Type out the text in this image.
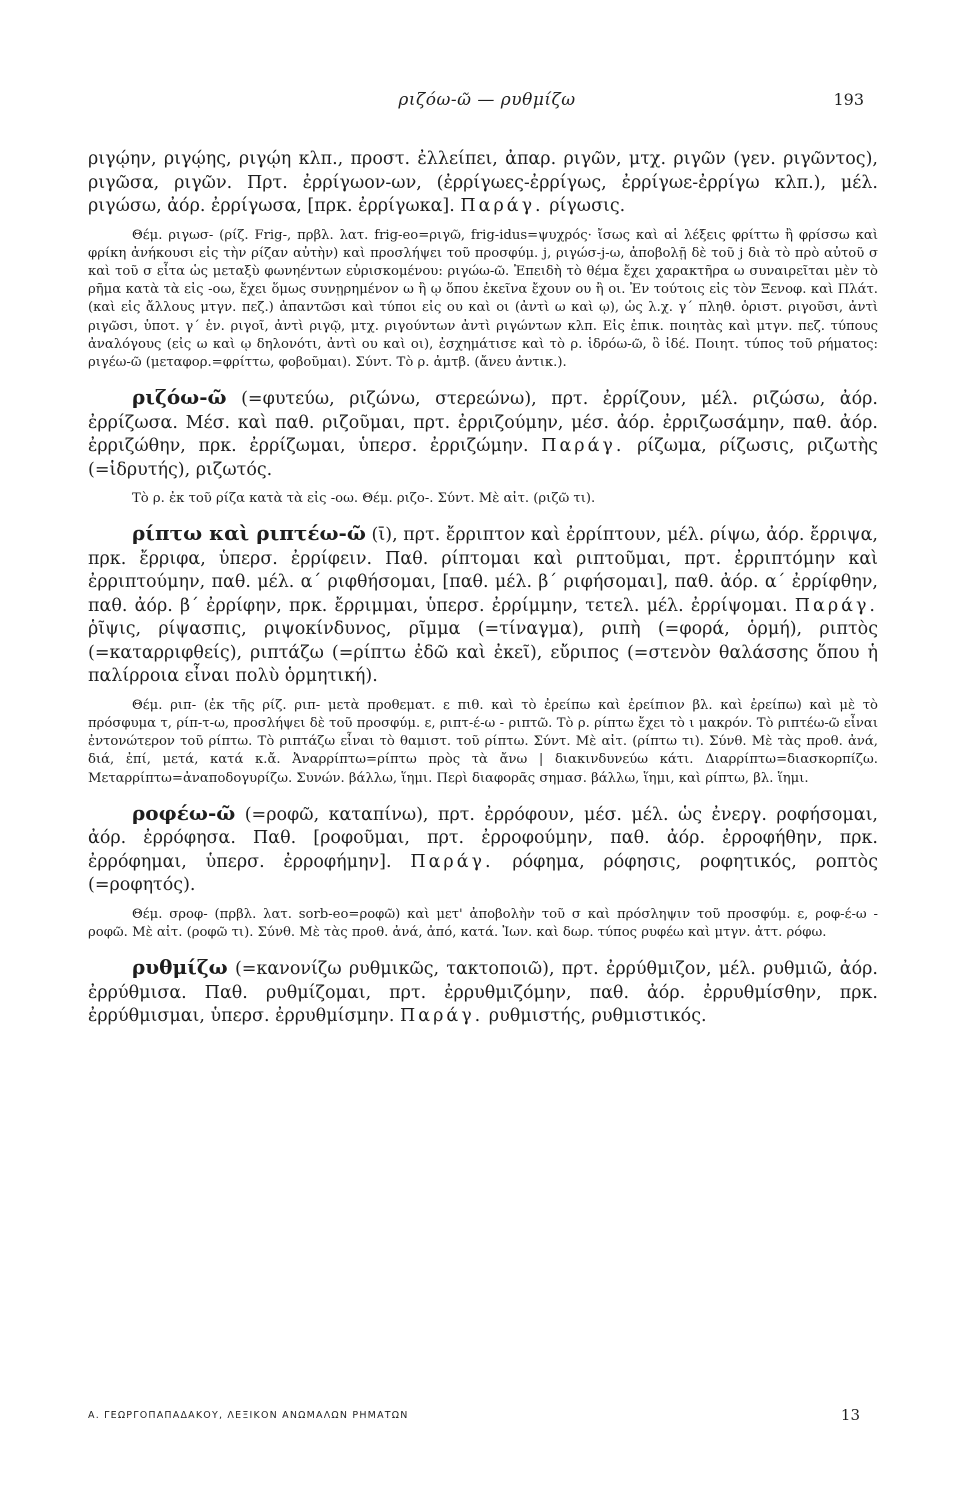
ριζόω-ῶ — ρυθμίζω	193

ριγῴην, ριγῴης, ριγῴη κλπ., προστ. ἐλλείπει, ἀπαρ. ριγῶν, μτχ. ριγῶν (γεν. ριγῶντος), ριγῶσα, ριγῶν. Πρτ. ἐρρίγωον-ων, (ἐρρίγωες-ἐρρίγως, ἐρρίγωε-ἐρρίγω κλπ.), μέλ. ριγώσω, ἀόρ. ἐρρίγωσα, [πρκ. ἐρρίγωκα]. Παράγ. ρίγωσις.

Θέμ. ριγωσ- (ρίζ. Frig-, πρβλ. λατ. frig-eo=ριγῶ, frig-idus=ψυχρός· ἴσως καὶ αἱ λέξεις φρίττω ἢ φρίσσω καὶ φρίκη ἀνήκουσι εἰς τὴν ρίζαν αὐτὴν) καὶ προσλήψει τοῦ προσφύμ. j, ριγώσ-j-ω, ἀποβολῇ δὲ τοῦ j διὰ τὸ πρὸ αὐτοῦ σ καὶ τοῦ σ εἶτα ὡς μεταξὺ φωνηέντων εὑρισκομένου: ριγώω-ῶ. Ἐπειδὴ τὸ θέμα ἔχει χαρακτῆρα ω συναιρεῖται μὲν τὸ ρῆμα κατὰ τὰ εἰς -οω, ἔχει ὅμως συνῃρημένον ω ἢ ῳ ὅπου ἐκεῖνα ἔχουν ου ἢ οι. Ἐν τούτοις εἰς τὸν Ξενοφ. καὶ Πλάτ. (καὶ εἰς ἄλλους μτγν. πεζ.) ἀπαντῶσι καὶ τύποι εἰς ου καὶ οι (ἀντὶ ω καὶ ῳ), ὡς λ.χ. γ΄ πληθ. ὁριστ. ριγοῦσι, ἀντὶ ριγῶσι, ὑποτ. γ΄ ἑν. ριγοῖ, ἀντὶ ριγῷ, μτχ. ριγούντων ἀντὶ ριγώντων κλπ. Εἰς ἐπικ. ποιητὰς καὶ μτγν. πεζ. τύπους ἀναλόγους (εἰς ω καὶ ῳ δηλονότι, ἀντὶ ου καὶ οι), ἐσχημάτισε καὶ τὸ ρ. ἱδρόω-ῶ, ὃ ἰδέ. Ποιητ. τύπος τοῦ ρήματος: ριγέω-ῶ (μεταφορ.=φρίττω, φοβοῦμαι). Σύντ. Τὸ ρ. ἀμτβ. (ἄνευ ἀντικ.).

ριζόω-ῶ (=φυτεύω, ριζώνω, στερεώνω), πρτ. ἐρρίζουν, μέλ. ριζώσω, ἀόρ. ἐρρίζωσα. Μέσ. καὶ παθ. ριζοῦμαι, πρτ. ἐρριζούμην, μέσ. ἀόρ. ἐρριζωσάμην, παθ. ἀόρ. ἐρριζώθην, πρκ. ἐρρίζωμαι, ὑπερσ. ἐρριζώμην. Παράγ. ρίζωμα, ρίζωσις, ριζωτὴς (=ἱδρυτής), ριζωτός.

Τὸ ρ. ἐκ τοῦ ρίζα κατὰ τὰ εἰς -οω. Θέμ. ριζο-. Σύντ. Μὲ αἰτ. (ριζῶ τι).

ρίπτω καὶ ριπτέω-ῶ (ῑ), πρτ. ἔρριπτον καὶ ἐρρίπτουν, μέλ. ρίψω, ἀόρ. ἔρριψα, πρκ. ἔρριφα, ὑπερσ. ἐρρίφειν. Παθ. ρίπτομαι καὶ ριπτοῦμαι, πρτ. ἐρριπτόμην καὶ ἐρριπτούμην, παθ. μέλ. α΄ ριφθήσομαι, [παθ. μέλ. β΄ ριφήσομαι], παθ. ἀόρ. α΄ ἐρρίφθην, παθ. ἀόρ. β΄ ἐρρίφην, πρκ. ἔρριμμαι, ὑπερσ. ἐρρίμμην, τετελ. μέλ. ἐρρίψομαι. Παράγ. ῥῖψις, ρίψασπις, ριψοκίνδυνος, ρῖμμα (=τίναγμα), ριπὴ (=φορά, ὁρμή), ριπτὸς (=καταρριφθείς), ριπτάζω (=ρίπτω ἐδῶ καὶ ἐκεῖ), εὔριπος (=στενὸν θαλάσσης ὅπου ἡ παλίρροια εἶναι πολὺ ὁρμητική).

Θέμ. ριπ- (ἐκ τῆς ρίζ. ριπ- μετὰ προθεματ. ε πιθ. καὶ τὸ ἐρείπω καὶ ἐρείπιον βλ. καὶ ἐρείπω) καὶ μὲ τὸ πρόσφυμα τ, ρίπ-τ-ω, προσλήψει δὲ τοῦ προσφύμ. ε, ριπτ-έ-ω - ριπτῶ. Τὸ ρ. ρίπτω ἔχει τὸ ι μακρόν. Τὸ ριπτέω-ῶ εἶναι ἐντονώτερον τοῦ ρίπτω. Τὸ ριπτάζω εἶναι τὸ θαμιστ. τοῦ ρίπτω. Σύντ. Μὲ αἰτ. (ρίπτω τι). Σύνθ. Μὲ τὰς προθ. ἀνά, διά, ἐπί, μετά, κατά κ.ἄ. Ἀναρρίπτω=ρίπτω πρὸς τὰ ἄνω | διακινδυνεύω κάτι. Διαρρίπτω=διασκορπίζω. Μεταρρίπτω=ἀναποδογυρίζω. Συνών. βάλλω, ἵημι. Περὶ διαφορᾶς σημασ. βάλλω, ἵημι, καὶ ρίπτω, βλ. ἵημι.

ροφέω-ῶ (=ροφῶ, καταπίνω), πρτ. ἐρρόφουν, μέσ. μέλ. ὡς ἐνεργ. ροφήσομαι, ἀόρ. ἐρρόφησα. Παθ. [ροφοῦμαι, πρτ. ἐρροφούμην, παθ. ἀόρ. ἐρροφήθην, πρκ. ἐρρόφημαι, ὑπερσ. ἐρροφήμην]. Παράγ. ρόφημα, ρόφησις, ροφητικός, ροπτὸς (=ροφητός).

Θέμ. σροφ- (πρβλ. λατ. sorb-eo=ροφῶ) καὶ μετ' ἀποβολὴν τοῦ σ καὶ πρόσληψιν τοῦ προσφύμ. ε, ροφ-έ-ω - ροφῶ. Μὲ αἰτ. (ροφῶ τι). Σύνθ. Μὲ τὰς προθ. ἀνά, ἀπό, κατά. Ἰων. καὶ δωρ. τύπος ρυφέω καὶ μτγν. ἀττ. ρόφω.

ρυθμίζω (=κανονίζω ρυθμικῶς, τακτοποιῶ), πρτ. ἐρρύθμιζον, μέλ. ρυθμιῶ, ἀόρ. ἐρρύθμισα. Παθ. ρυθμίζομαι, πρτ. ἐρρυθμιζόμην, παθ. ἀόρ. ἐρρυθμίσθην, πρκ. ἐρρύθμισμαι, ὑπερσ. ἐρρυθμίσμην. Παράγ. ρυθμιστής, ρυθμιστικός.

Α. ΓΕΩΡΓΟΠΑΠΑΔΑΚΟΥ, ΛΕΞΙΚΟΝ ΑΝΩΜΑΛΩΝ ΡΗΜΑΤΩΝ	13
